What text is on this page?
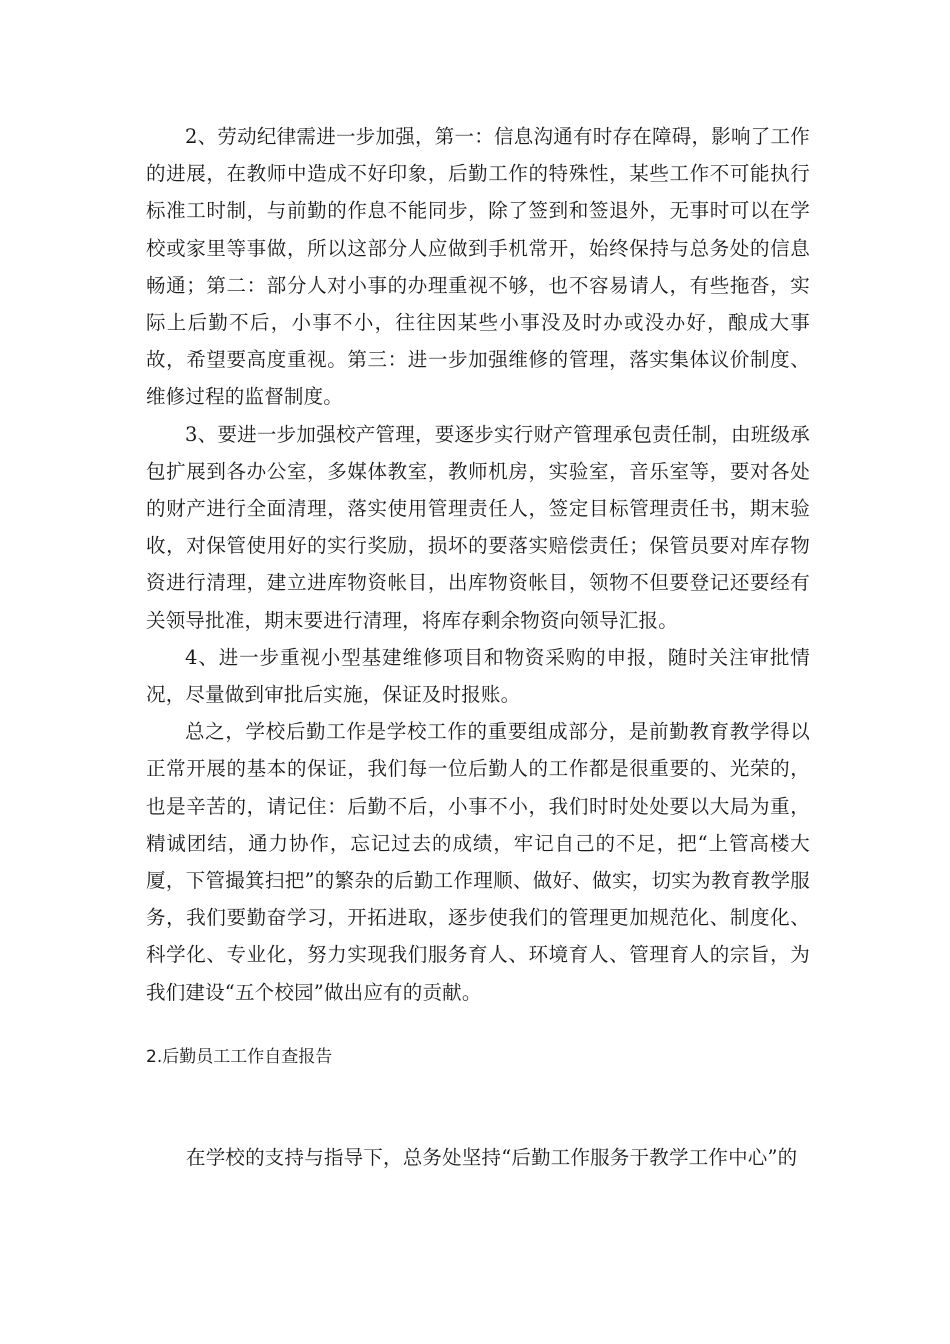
2、劳动纪律需进一步加强，第一：信息沟通有时存在障碍，影响了工作的进展，在教师中造成不好印象，后勤工作的特殊性，某些工作不可能执行标准工时制，与前勤的作息不能同步，除了签到和签退外，无事时可以在学校或家里等事做，所以这部分人应做到手机常开，始终保持与总务处的信息畅通；第二：部分人对小事的办理重视不够，也不容易请人，有些拖沓，实际上后勤不后，小事不小，往往因某些小事没及时办或没办好，酿成大事故，希望要高度重视。第三：进一步加强维修的管理，落实集体议价制度、维修过程的监督制度。

3、要进一步加强校产管理，要逐步实行财产管理承包责任制，由班级承包扩展到各办公室，多媒体教室，教师机房，实验室，音乐室等，要对各处的财产进行全面清理，落实使用管理责任人，签定目标管理责任书，期末验收，对保管使用好的实行奖励，损坏的要落实赔偿责任；保管员要对库存物资进行清理，建立进库物资帐目，出库物资帐目，领物不但要登记还要经有关领导批准，期末要进行清理，将库存剩余物资向领导汇报。

4、进一步重视小型基建维修项目和物资采购的申报，随时关注审批情况，尽量做到审批后实施，保证及时报账。

总之，学校后勤工作是学校工作的重要组成部分，是前勤教育教学得以正常开展的基本的保证，我们每一位后勤人的工作都是很重要的、光荣的，也是辛苦的，请记住：后勤不后，小事不小，我们时时处处要以大局为重，精诚团结，通力协作，忘记过去的成绩，牢记自己的不足，把“上管高楼大厦，下管撮箕扫把”的繁杂的后勤工作理顺、做好、做实，切实为教育教学服务，我们要勤奋学习，开拓进取，逐步使我们的管理更加规范化、制度化、科学化、专业化，努力实现我们服务育人、环境育人、管理育人的宗旨，为我们建设“五个校园”做出应有的贡献。

2.后勤员工工作自查报告

在学校的支持与指导下，总务处坚持“后勤工作服务于教学工作中心”的
